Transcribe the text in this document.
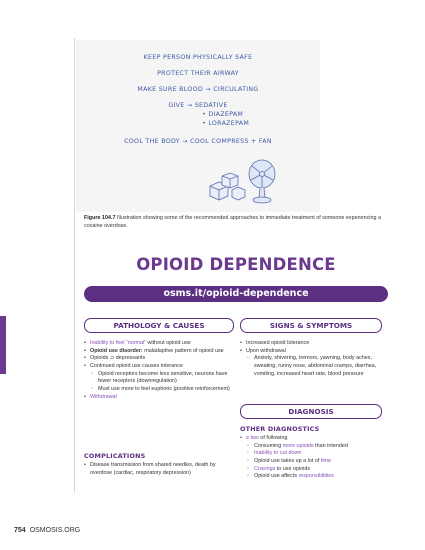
KEEP PERSON PHYSICALLY SAFE
PROTECT THEIR AIRWAY
MAKE SURE BLOOD → CIRCULATING
GIVE → SEDATIVE
• DIAZEPAM
• LORAZEPAM
COOL THE BODY → COOL COMPRESS + FAN
Figure 104.7 Illustration showing some of the recommended approaches to immediate treatment of someone experiencing a cocaine overdose.
OPIOID DEPENDENCE
osms.it/opioid-dependence
PATHOLOGY & CAUSES
• Inability to feel “normal” without opioid use
• Opioid use disorder: maladaptive pattern of opioid use
• Opioids ⊃ depressants
• Continued opioid use causes tolerance
◦ Opioid receptors become less sensitive, neurons have fewer receptors (downregulation)
◦ Must use more to feel euphoric (positive reinforcement)
• Withdrawal
COMPLICATIONS
• Disease transmission from shared needles, death by overdose (cardiac, respiratory depression)
SIGNS & SYMPTOMS
• Increased opioid tolerance
• Upon withdrawal
◦ Anxiety, shivering, tremors, yawning, body aches, sweating, runny nose, abdominal cramps, diarrhea, vomiting, increased heart rate, blood pressure
DIAGNOSIS
OTHER DIAGNOSTICS
• ≥ two of following
◦ Consuming more opioids than intended
◦ Inability to cut down
◦ Opioid use takes up a lot of time
◦ Cravings to use opioids
◦ Opioid use affects responsibilities
754 OSMOSIS.ORG
